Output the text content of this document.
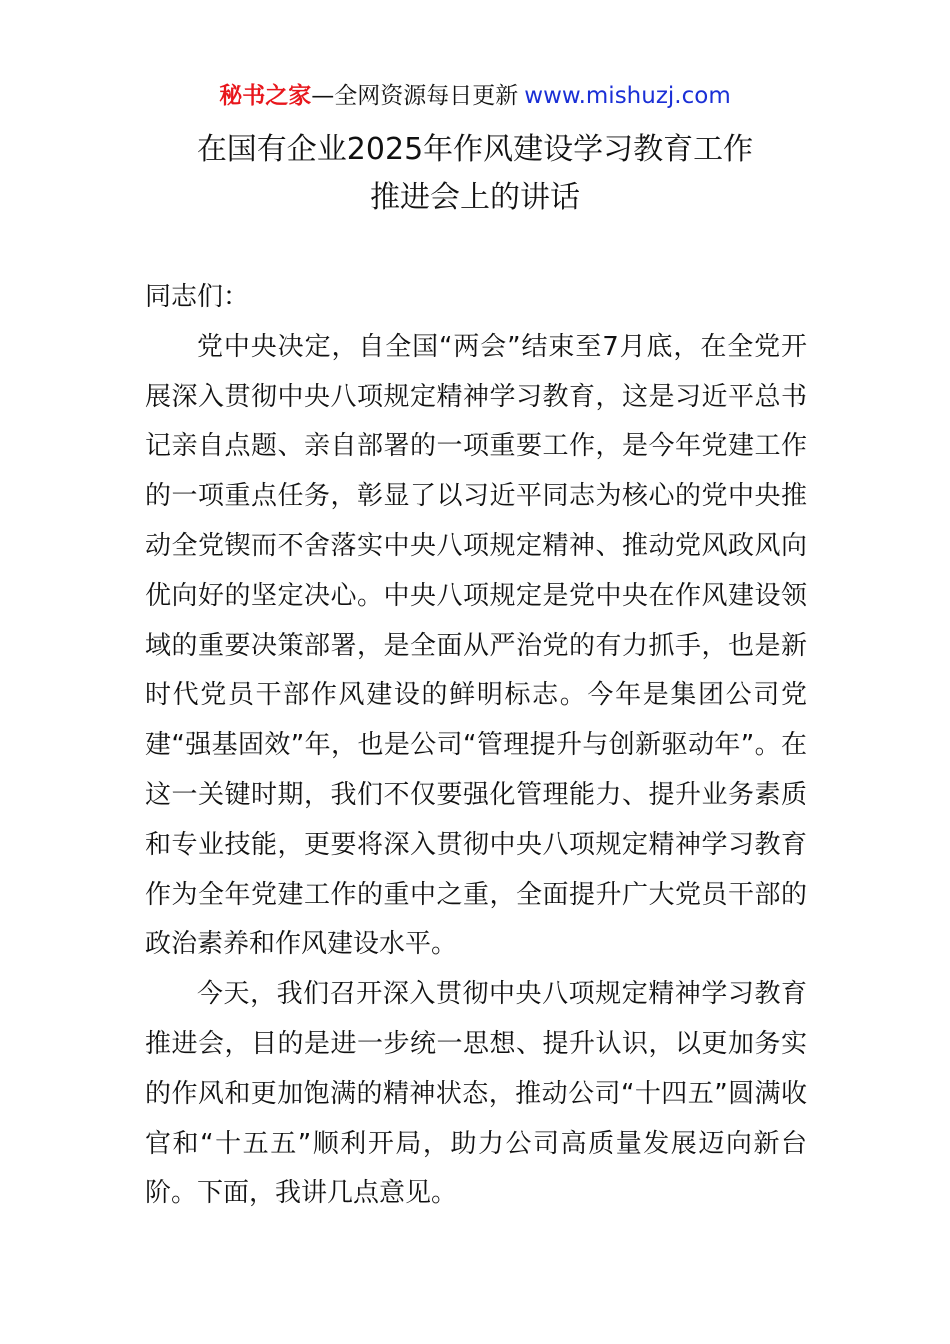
秘书之家—全网资源每日更新 www.mishuzj.com
在国有企业2025年作风建设学习教育工作
推进会上的讲话

同志们：

党中央决定，自全国“两会”结束至7月底，在全党开展深入贯彻中央八项规定精神学习教育，这是习近平总书记亲自点题、亲自部署的一项重要工作，是今年党建工作的一项重点任务，彰显了以习近平同志为核心的党中央推动全党锲而不舍落实中央八项规定精神、推动党风政风向优向好的坚定决心。中央八项规定是党中央在作风建设领域的重要决策部署，是全面从严治党的有力抓手，也是新时代党员干部作风建设的鲜明标志。今年是集团公司党建“强基固效”年，也是公司“管理提升与创新驱动年”。在这一关键时期，我们不仅要强化管理能力、提升业务素质和专业技能，更要将深入贯彻中央八项规定精神学习教育作为全年党建工作的重中之重，全面提升广大党员干部的政治素养和作风建设水平。

今天，我们召开深入贯彻中央八项规定精神学习教育推进会，目的是进一步统一思想、提升认识，以更加务实的作风和更加饱满的精神状态，推动公司“十四五”圆满收官和“十五五”顺利开局，助力公司高质量发展迈向新台阶。下面，我讲几点意见。
